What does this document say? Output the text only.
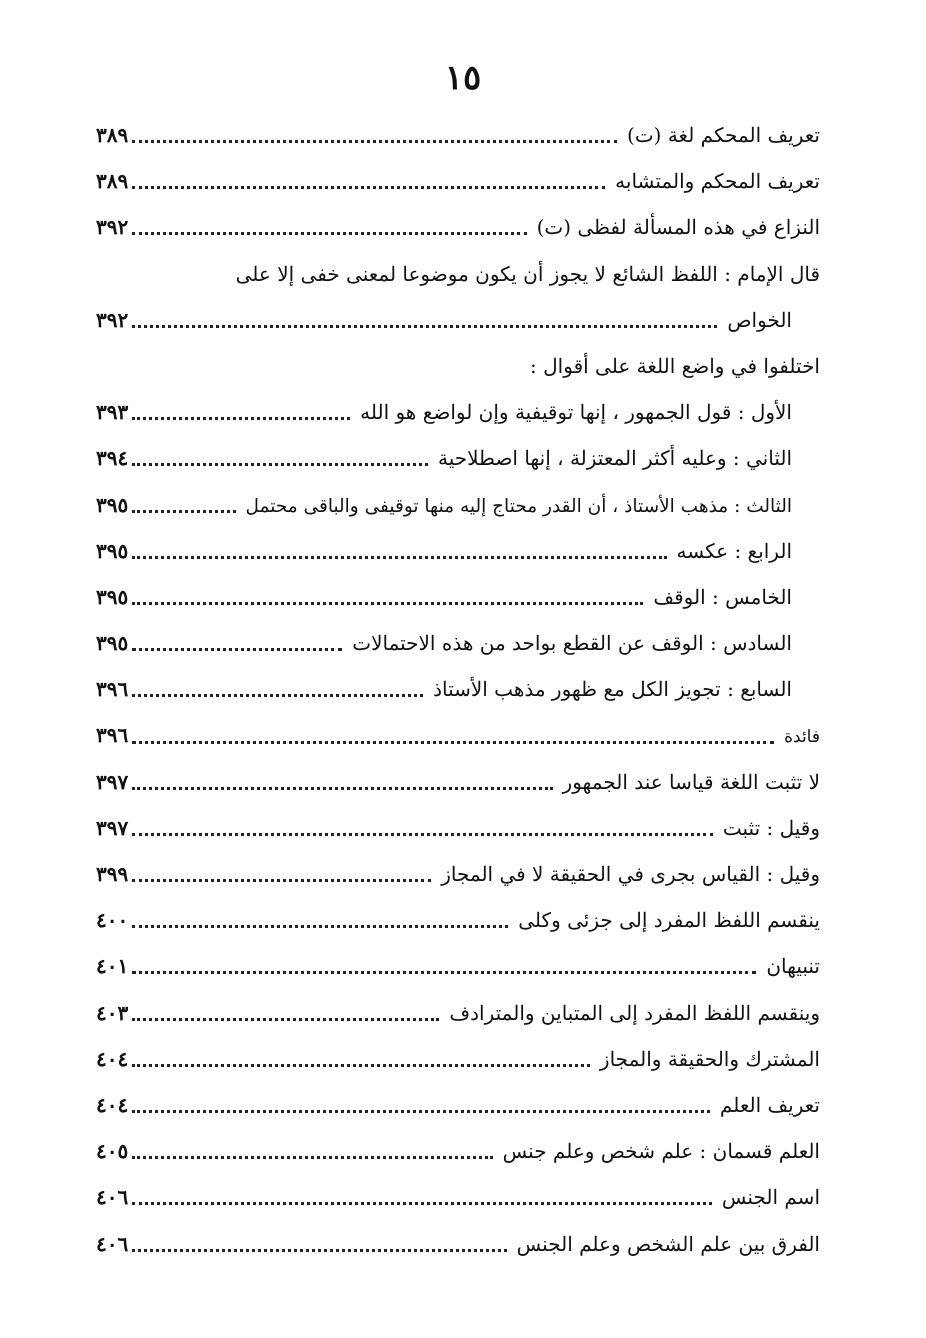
١٥
تعريف المحكم لغة (ت)
٣٨٩
تعريف المحكم والمتشابه
٣٨٩
النزاع في هذه المسألة لفظى (ت)
٣٩٢
قال الإمام : اللفظ الشائع لا يجوز أن يكون موضوعا لمعنى خفى إلا على
الخواص
٣٩٢
اختلفوا في واضع اللغة على أقوال :
الأول : قول الجمهور ، إنها توقيفية وإن لواضع هو الله
٣٩٣
الثاني : وعليه أكثر المعتزلة ، إنها اصطلاحية
٣٩٤
الثالث : مذهب الأستاذ ، أن القدر محتاج إليه منها توقيفى والباقى محتمل
٣٩٥
الرابع : عكسه
٣٩٥
الخامس : الوقف
٣٩٥
السادس : الوقف عن القطع بواحد من هذه الاحتمالات
٣٩٥
السابع : تجويز الكل مع ظهور مذهب الأستاذ
٣٩٦
فائدة
٣٩٦
لا تثبت اللغة قياسا عند الجمهور
٣٩٧
وقيل : تثبت
٣٩٧
وقيل : القياس بجرى في الحقيقة لا في المجاز
٣٩٩
ينقسم اللفظ المفرد إلى جزئى وكلى
٤٠٠
تنبيهان
٤٠١
وينقسم اللفظ المفرد إلى المتباين والمترادف
٤٠٣
المشترك والحقيقة والمجاز
٤٠٤
تعريف العلم
٤٠٤
العلم قسمان : علم شخص وعلم جنس
٤٠٥
اسم الجنس
٤٠٦
الفرق بين علم الشخص وعلم الجنس
٤٠٦
